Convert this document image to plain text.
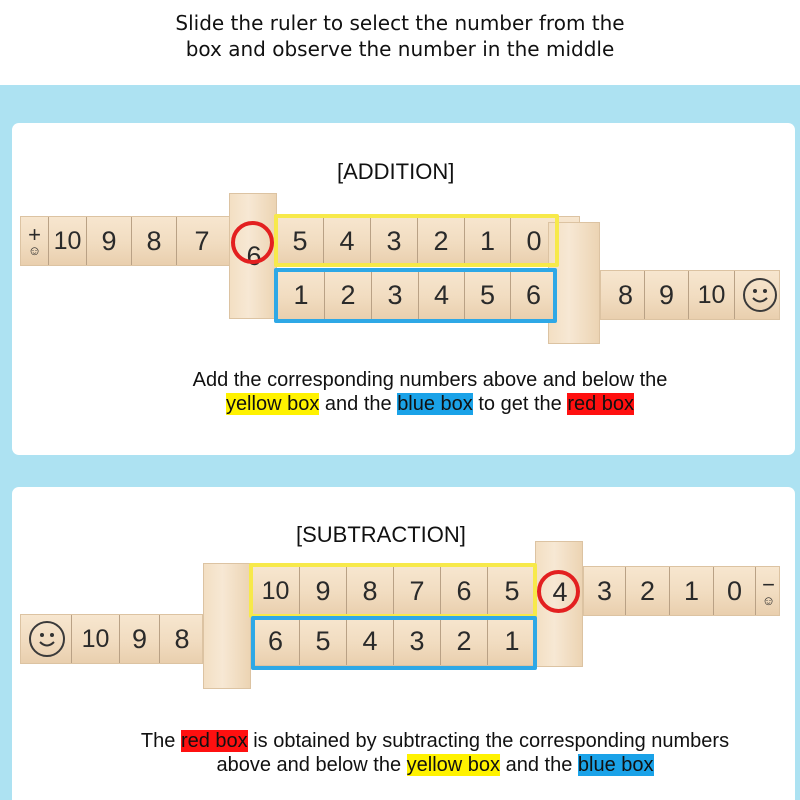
Slide the ruler to select the number from the
box and observe the number in the middle
[ADDITION]
+
☺ 10 9	8	7	6	5	4	3	2	1	0
1	2	3	4	5	6	8 9 10
Add the corresponding numbers above and below the
yellow box and the blue box to get the red box
[SUBTRACTION]
10 9	8	7	6	5	4	3	2	1	0 −
☺
10 9	8	6	5	4	3	2	1
The red box is obtained by subtracting the corresponding numbers
above and below the yellow box and the blue box
